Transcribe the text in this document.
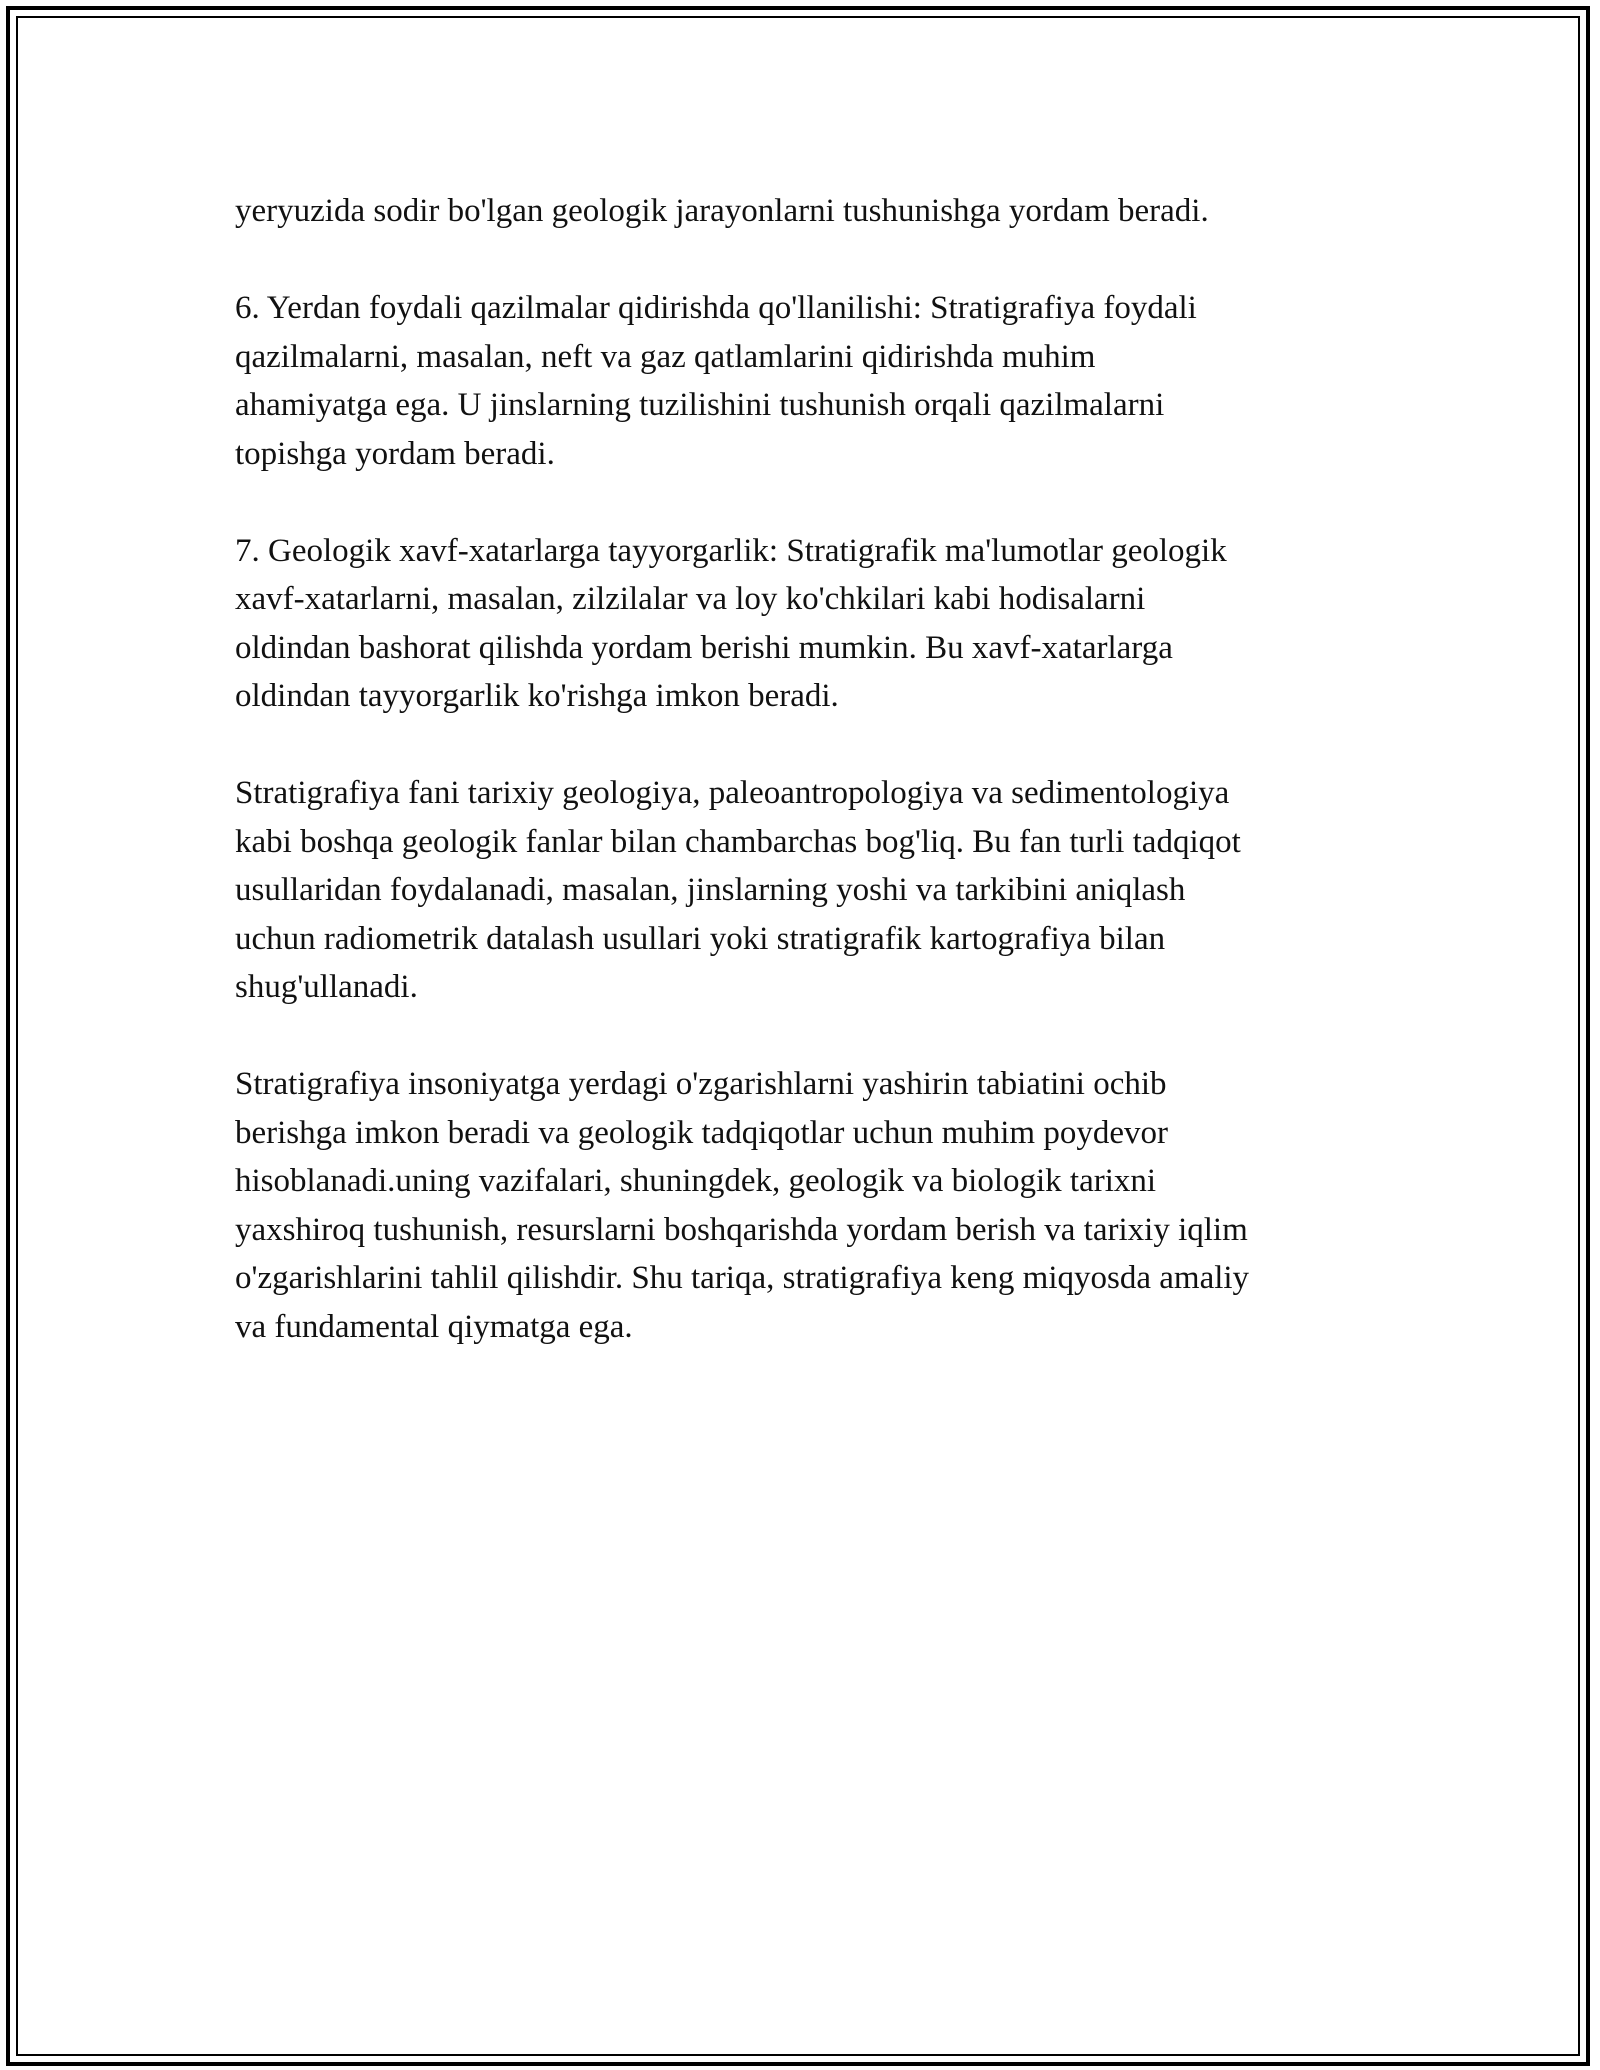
yeryuzida sodir bo'lgan geologik jarayonlarni tushunishga yordam beradi.

6. Yerdan foydali qazilmalar qidirishda qo'llanilishi: Stratigrafiya foydali
qazilmalarni, masalan, neft va gaz qatlamlarini qidirishda muhim
ahamiyatga ega. U jinslarning tuzilishini tushunish orqali qazilmalarni
topishga yordam beradi.

7. Geologik xavf-xatarlarga tayyorgarlik: Stratigrafik ma'lumotlar geologik
xavf-xatarlarni, masalan, zilzilalar va loy ko'chkilari kabi hodisalarni
oldindan bashorat qilishda yordam berishi mumkin. Bu xavf-xatarlarga
oldindan tayyorgarlik ko'rishga imkon beradi.

Stratigrafiya fani tarixiy geologiya, paleoantropologiya va sedimentologiya
kabi boshqa geologik fanlar bilan chambarchas bog'liq. Bu fan turli tadqiqot
usullaridan foydalanadi, masalan, jinslarning yoshi va tarkibini aniqlash
uchun radiometrik datalash usullari yoki stratigrafik kartografiya bilan
shug'ullanadi.

Stratigrafiya insoniyatga yerdagi o'zgarishlarni yashirin tabiatini ochib
berishga imkon beradi va geologik tadqiqotlar uchun muhim poydevor
hisoblanadi.uning vazifalari, shuningdek, geologik va biologik tarixni
yaxshiroq tushunish, resurslarni boshqarishda yordam berish va tarixiy iqlim
o'zgarishlarini tahlil qilishdir. Shu tariqa, stratigrafiya keng miqyosda amaliy
va fundamental qiymatga ega.
